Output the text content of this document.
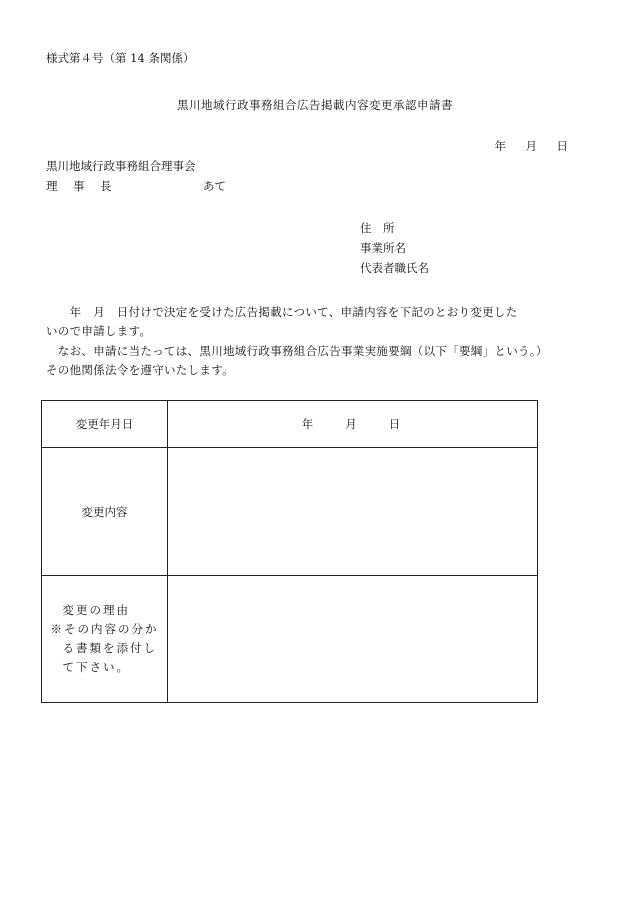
様式第４号（第 14 条関係）
黒川地域行政事務組合広告掲載内容変更承認申請書
年　月　日
黒川地域行政事務組合理事会
理　事　長	あて
住　所
事業所名
代表者職氏名
　　年　月　日付けで決定を受けた広告掲載について、申請内容を下記のとおり変更した
いので申請します。
　なお、申請に当たっては、黒川地域行政事務組合広告事業実施要綱（以下「要綱」という。）
その他関係法令を遵守いたします。
変更年月日	年　　月　　日
変更内容	

変更の理由
※その内容の分か
る書類を添付し
て下さい。	
